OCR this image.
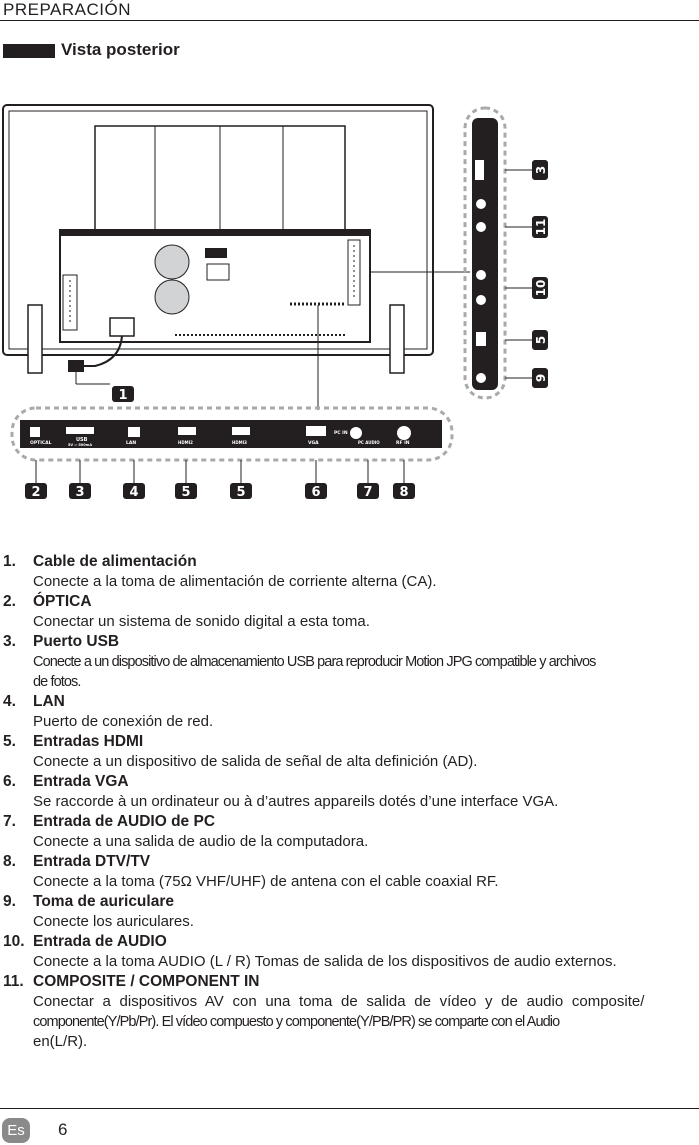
PREPARACIÓN
Vista posterior
OPTICAL
USB
5V ⎓ 500mA	LAN	HDMI2	HDMI3	VGA
PC IN
PC AUDIO	RF IN
1
2	3	4	5	5	6	7 8
3
11
10
5
9
1.	Cable de alimentación
Conecte a la toma de alimentación de corriente alterna (CA).
2.	ÓPTICA
Conectar un sistema de sonido digital a esta toma.
3.	Puerto USB
Conecte a un dispositivo de almacenamiento USB para reproducir Motion JPG compatible y archivos
de fotos.
4.	LAN
Puerto de conexión de red.
5.	Entradas HDMI
Conecte a un dispositivo de salida de señal de alta definición (AD).
6.	Entrada VGA
Se raccorde à un ordinateur ou à d’autres appareils dotés d’une interface VGA.
7.	Entrada de AUDIO de PC
Conecte a una salida de audio de la computadora.
8.	Entrada DTV/TV
Conecte a la toma (75Ω VHF/UHF) de antena con el cable coaxial RF.
9.	Toma de auriculare
Conecte los auriculares.
10. Entrada de AUDIO
Conecte a la toma AUDIO (L / R) Tomas de salida de los dispositivos de audio externos.
11. COMPOSITE / COMPONENT IN
Conectar a dispositivos AV con una toma de salida de vídeo y de audio composite/
componente(Y/Pb/Pr). El vídeo compuesto y componente(Y/PB/PR) se comparte con el Audio
en(L/R).
Es	6
